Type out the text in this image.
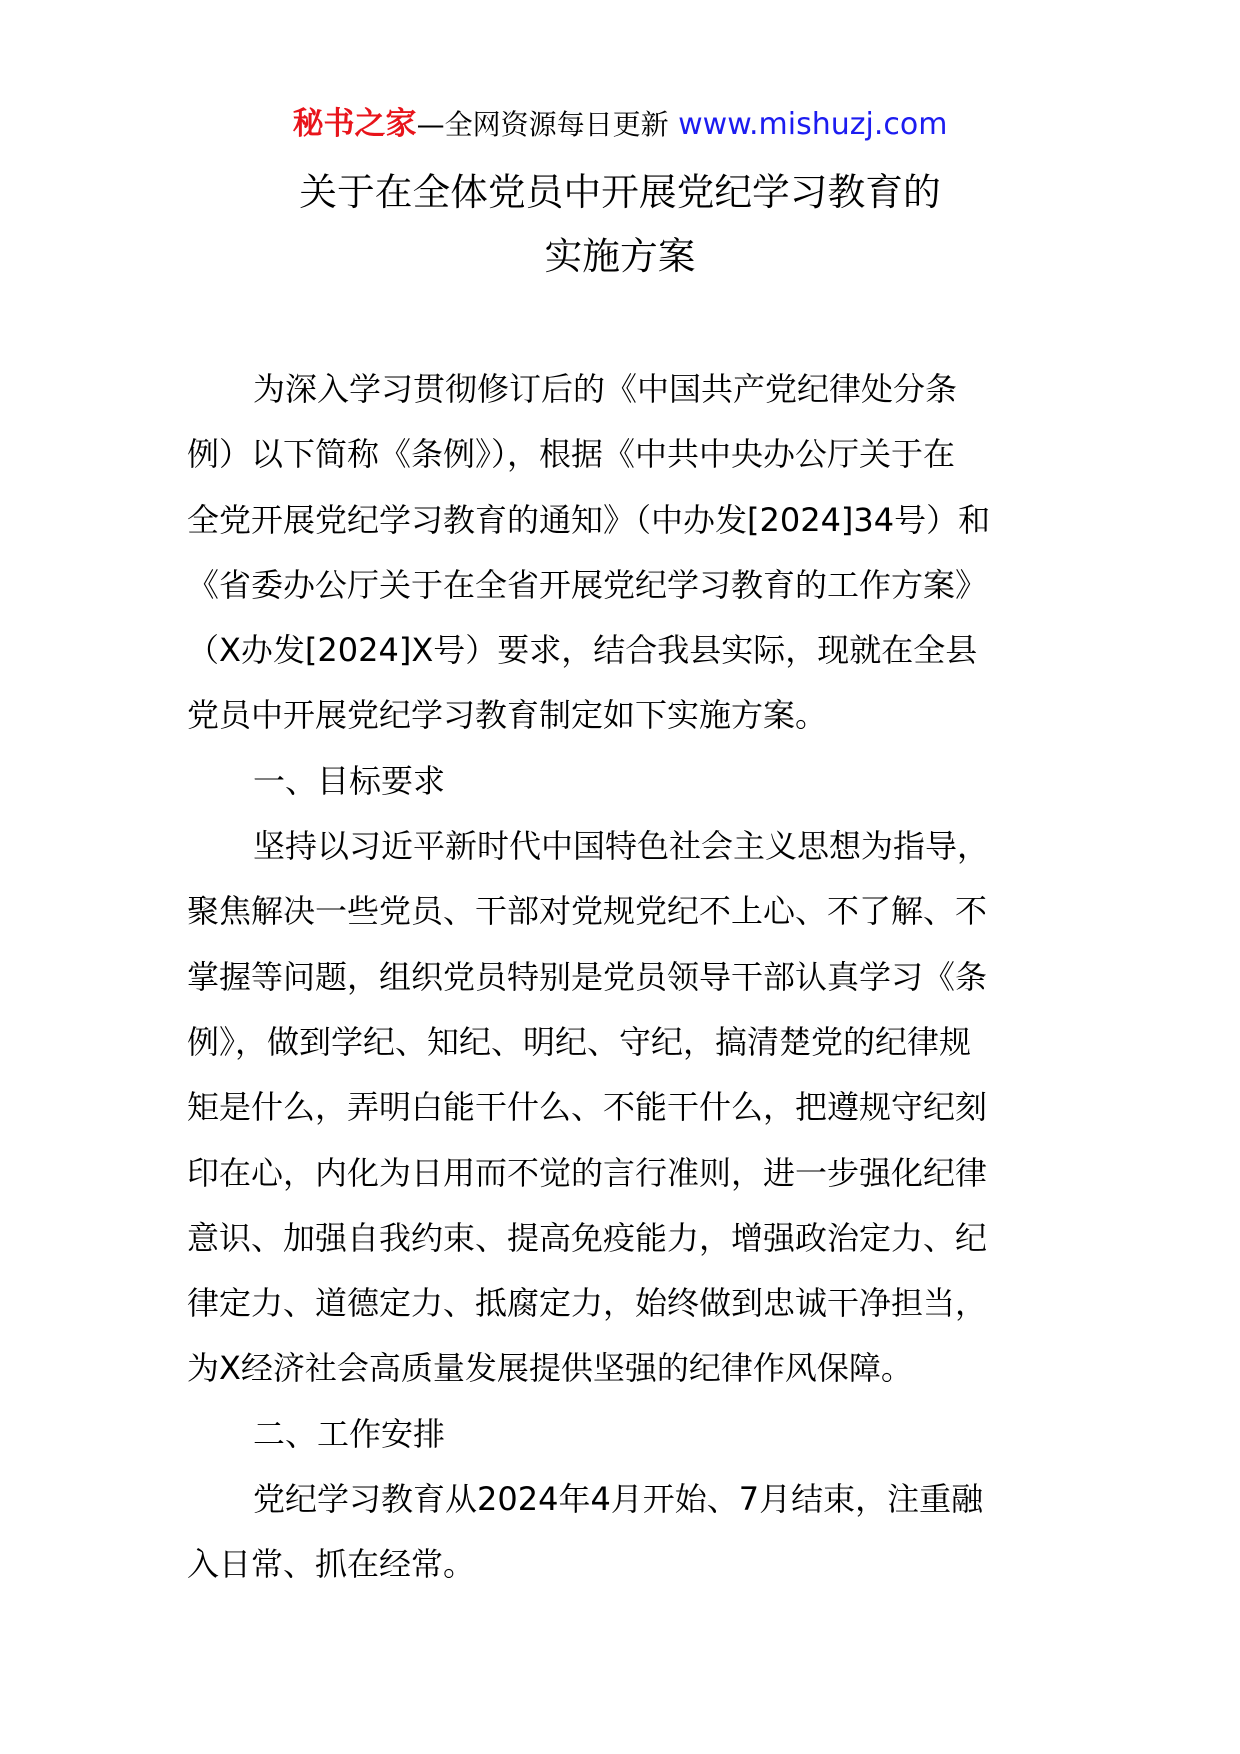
秘书之家—全网资源每日更新 www.mishuzj.com
关于在全体党员中开展党纪学习教育的
实施方案
为深入学习贯彻修订后的《中国共产党纪律处分条
例）以下简称《条例》），根据《中共中央办公厅关于在
全党开展党纪学习教育的通知》（中办发[2024]34号）和
《省委办公厅关于在全省开展党纪学习教育的工作方案》
（X办发[2024]X号）要求，结合我县实际，现就在全县
党员中开展党纪学习教育制定如下实施方案。
一、目标要求
坚持以习近平新时代中国特色社会主义思想为指导，
聚焦解决一些党员、干部对党规党纪不上心、不了解、不
掌握等问题，组织党员特别是党员领导干部认真学习《条
例》，做到学纪、知纪、明纪、守纪，搞清楚党的纪律规
矩是什么，弄明白能干什么、不能干什么，把遵规守纪刻
印在心，内化为日用而不觉的言行准则，进一步强化纪律
意识、加强自我约束、提高免疫能力，增强政治定力、纪
律定力、道德定力、抵腐定力，始终做到忠诚干净担当，
为X经济社会高质量发展提供坚强的纪律作风保障。
二、工作安排
党纪学习教育从2024年4月开始、7月结束，注重融
入日常、抓在经常。
